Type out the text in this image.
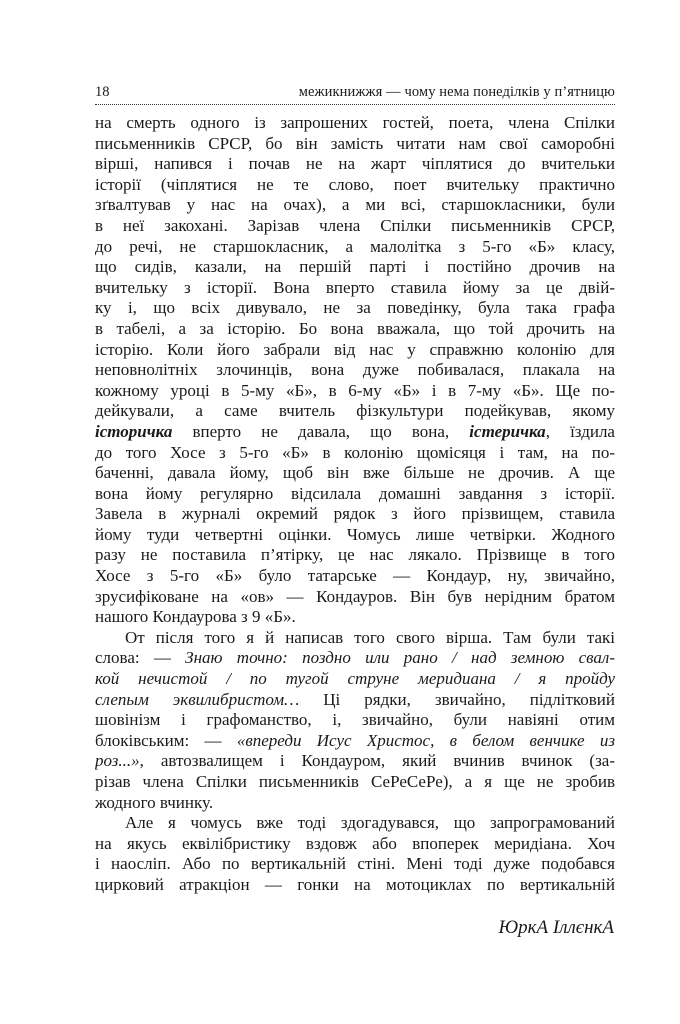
18	межикнижжя — чому нема понеділків у п’ятницю

на смерть одного із запрошених гостей, поета, члена Спілки
письменників СРСР, бо він замість читати нам свої саморобні
вірші, напився і почав не на жарт чіплятися до вчительки
історії (чіплятися не те слово, поет вчительку практично
зґвалтував у нас на очах), а ми всі, старшокласники, були
в неї закохані. Зарізав члена Спілки письменників СРСР,
до речі, не старшокласник, а малолітка з 5-го «Б» класу,
що сидів, казали, на першій парті і постійно дрочив на
вчительку з історії. Вона вперто ставила йому за це двій-
ку і, що всіх дивувало, не за поведінку, була така графа
в табелі, а за історію. Бо вона вважала, що той дрочить на
історію. Коли його забрали від нас у справжню колонію для
неповнолітніх злочинців, вона дуже побивалася, плакала на
кожному уроці в 5-му «Б», в 6-му «Б» і в 7-му «Б». Ще по-
дейкували, а саме вчитель фізкультури подейкував, якому
історичка вперто не давала, що вона, істеричка, їздила
до того Хосе з 5-го «Б» в колонію щомісяця і там, на по-
баченні, давала йому, щоб він вже більше не дрочив. А ще
вона йому регулярно відсилала домашні завдання з історії.
Завела в журналі окремий рядок з його прізвищем, ставила
йому туди четвертні оцінки. Чомусь лише четвірки. Жодного
разу не поставила п’ятірку, це нас лякало. Прізвище в того
Хосе з 5-го «Б» було татарське — Кондаур, ну, звичайно,
зрусифіковане на «ов» — Кондауров. Він був нерідним братом
нашого Кондаурова з 9 «Б».

От після того я й написав того свого вірша. Там були такі
слова: — Знаю точно: поздно или рано / над земною свал-
кой нечистой / по тугой струне меридиана / я пройду
слепым эквилибристом… Ці рядки, звичайно, підлітковий
шовінізм і графоманство, і, звичайно, були навіяні отим
блоківським: — «впереди Исус Христос, в белом венчике из
роз...», автозвалищем і Кондауром, який вчинив вчинок (за-
різав члена Спілки письменників СеРеСеРе), а я ще не зробив
жодного вчинку.

Але я чомусь вже тоді здогадувався, що запрограмований
на якусь еквілібристику вздовж або впоперек меридіана. Хоч
і наосліп. Або по вертикальній стіні. Мені тоді дуже подобався
цирковий атракціон — гонки на мотоциклах по вертикальній

ЮркА ІллєнкА
